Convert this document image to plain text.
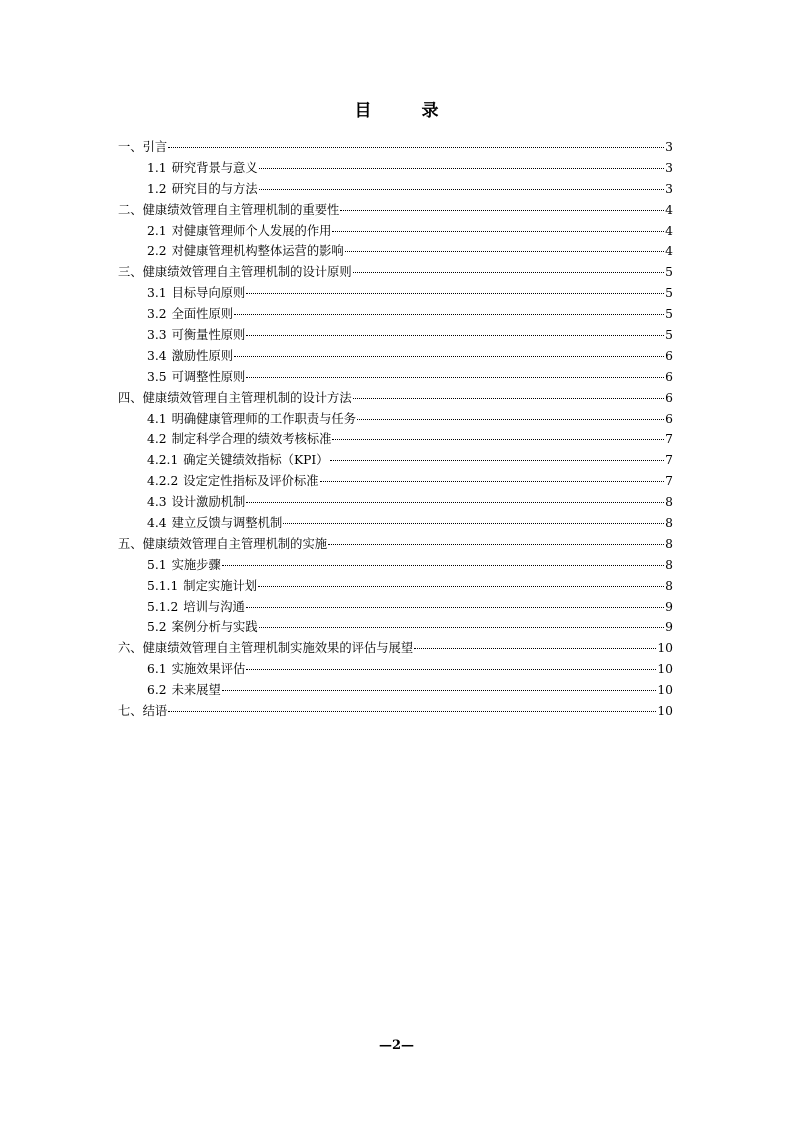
目 录
一、引言	3
1.1 研究背景与意义	3
1.2 研究目的与方法	3
二、健康绩效管理自主管理机制的重要性	4
2.1 对健康管理师个人发展的作用	4
2.2 对健康管理机构整体运营的影响	4
三、健康绩效管理自主管理机制的设计原则	5
3.1 目标导向原则	5
3.2 全面性原则	5
3.3 可衡量性原则	5
3.4 激励性原则	6
3.5 可调整性原则	6
四、健康绩效管理自主管理机制的设计方法	6
4.1 明确健康管理师的工作职责与任务	6
4.2 制定科学合理的绩效考核标准	7
4.2.1 确定关键绩效指标（KPI）	7
4.2.2 设定定性指标及评价标准	7
4.3 设计激励机制	8
4.4 建立反馈与调整机制	8
五、健康绩效管理自主管理机制的实施	8
5.1 实施步骤	8
5.1.1 制定实施计划	8
5.1.2 培训与沟通	9
5.2 案例分析与实践	9
六、健康绩效管理自主管理机制实施效果的评估与展望	10
6.1 实施效果评估	10
6.2 未来展望	10
七、结语	10
—2—
